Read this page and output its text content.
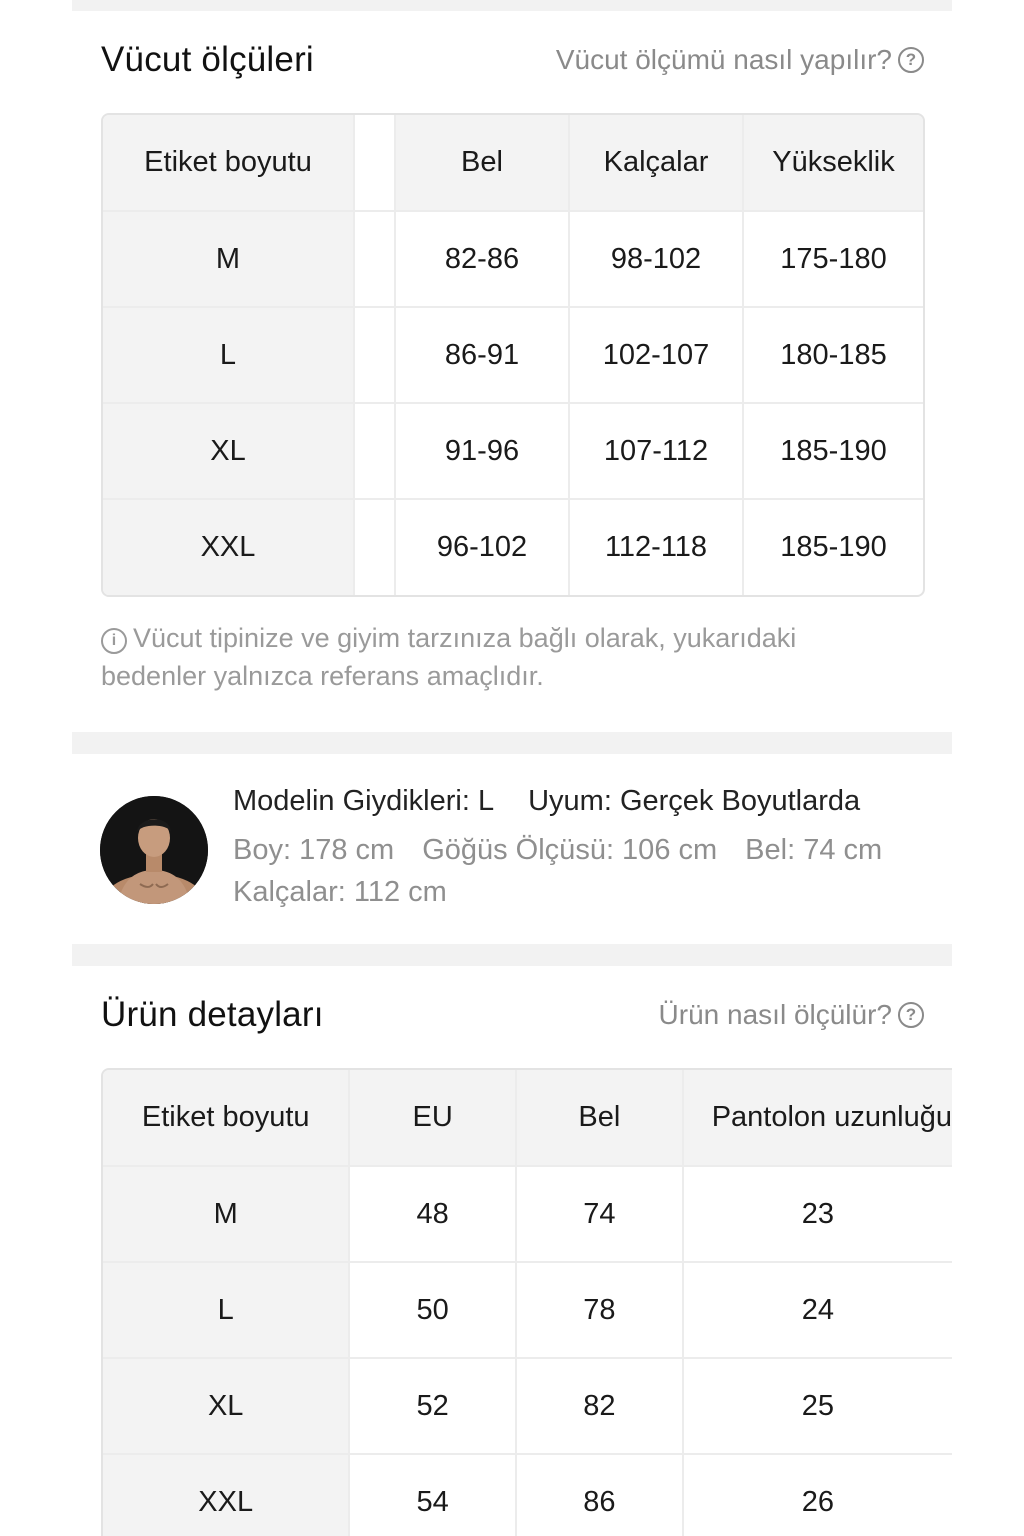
Vücut ölçüleri	Vücut ölçümü nasıl yapılır? ?
Etiket boyutu		Bel	Kalçalar	Yükseklik
M		82-86	98-102	175-180
L		86-91	102-107	180-185
XL		91-96	107-112	185-190
XXL		96-102	112-118	185-190
i Vücut tipinize ve giyim tarzınıza bağlı olarak, yukarıdaki bedenler yalnızca referans amaçlıdır.
Modelin Giydikleri: L Uyum: Gerçek Boyutlarda
Boy: 178 cm Göğüs Ölçüsü: 106 cm Bel: 74 cm
Kalçalar: 112 cm
Ürün detayları	Ürün nasıl ölçülür? ?
Etiket boyutu	EU	Bel	Pantolon uzunluğu
M	48	74	23
L	50	78	24
XL	52	82	25
XXL	54	86	26
